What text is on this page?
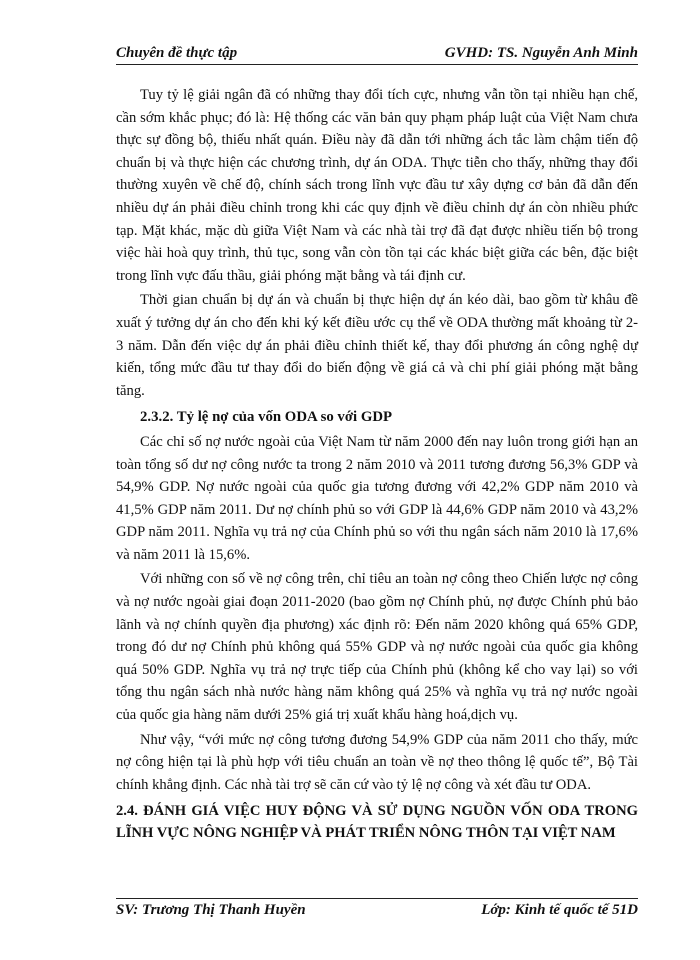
Chuyên đề thực tập	GVHD: TS. Nguyễn Anh Minh

Tuy tỷ lệ giải ngân đã có những thay đổi tích cực, nhưng vẫn tồn tại nhiều hạn chế, cần sớm khắc phục; đó là: Hệ thống các văn bản quy phạm pháp luật của Việt Nam chưa thực sự đồng bộ, thiếu nhất quán. Điều này đã dẫn tới những ách tắc làm chậm tiến độ chuẩn bị và thực hiện các chương trình, dự án ODA. Thực tiễn cho thấy, những thay đổi thường xuyên về chế độ, chính sách trong lĩnh vực đầu tư xây dựng cơ bản đã dẫn đến nhiều dự án phải điều chỉnh trong khi các quy định về điều chỉnh dự án còn nhiều phức tạp. Mặt khác, mặc dù giữa Việt Nam và các nhà tài trợ đã đạt được nhiều tiến bộ trong việc hài hoà quy trình, thủ tục, song vẫn còn tồn tại các khác biệt giữa các bên, đặc biệt trong lĩnh vực đấu thầu, giải phóng mặt bằng và tái định cư.

Thời gian chuẩn bị dự án và chuẩn bị thực hiện dự án kéo dài, bao gồm từ khâu đề xuất ý tưởng dự án cho đến khi ký kết điều ước cụ thể về ODA thường mất khoảng từ 2-3 năm. Dẫn đến việc dự án phải điều chỉnh thiết kế, thay đổi phương án công nghệ dự kiến, tổng mức đầu tư thay đổi do biến động về giá cả và chi phí giải phóng mặt bằng tăng.

2.3.2. Tỷ lệ nợ của vốn ODA so với GDP

Các chỉ số nợ nước ngoài của Việt Nam từ năm 2000 đến nay luôn trong giới hạn an toàn tổng số dư nợ công nước ta trong 2 năm 2010 và 2011 tương đương 56,3% GDP và 54,9% GDP. Nợ nước ngoài của quốc gia tương đương với 42,2% GDP năm 2010 và 41,5% GDP năm 2011. Dư nợ chính phủ so với GDP là 44,6% GDP năm 2010 và 43,2% GDP năm 2011. Nghĩa vụ trả nợ của Chính phủ so với thu ngân sách năm 2010 là 17,6% và năm 2011 là 15,6%.

Với những con số về nợ công trên, chỉ tiêu an toàn nợ công theo Chiến lược nợ công và nợ nước ngoài giai đoạn 2011-2020 (bao gồm nợ Chính phủ, nợ được Chính phủ bảo lãnh và nợ chính quyền địa phương) xác định rõ: Đến năm 2020 không quá 65% GDP, trong đó dư nợ Chính phủ không quá 55% GDP và nợ nước ngoài của quốc gia không quá 50% GDP. Nghĩa vụ trả nợ trực tiếp của Chính phủ (không kể cho vay lại) so với tổng thu ngân sách nhà nước hàng năm không quá 25% và nghĩa vụ trả nợ nước ngoài của quốc gia hàng năm dưới 25% giá trị xuất khẩu hàng hoá,dịch vụ.

Như vậy, “với mức nợ công tương đương 54,9% GDP của năm 2011 cho thấy, mức nợ công hiện tại là phù hợp với tiêu chuẩn an toàn về nợ theo thông lệ quốc tế”, Bộ Tài chính khẳng định. Các nhà tài trợ sẽ căn cứ vào tỷ lệ nợ công và xét đầu tư ODA.

2.4. ĐÁNH GIÁ VIỆC HUY ĐỘNG VÀ SỬ DỤNG NGUỒN VỐN ODA TRONG LĨNH VỰC NÔNG NGHIỆP VÀ PHÁT TRIỂN NÔNG THÔN TẠI VIỆT NAM
SV: Trương Thị Thanh Huyền	Lớp: Kinh tế quốc tế 51D
